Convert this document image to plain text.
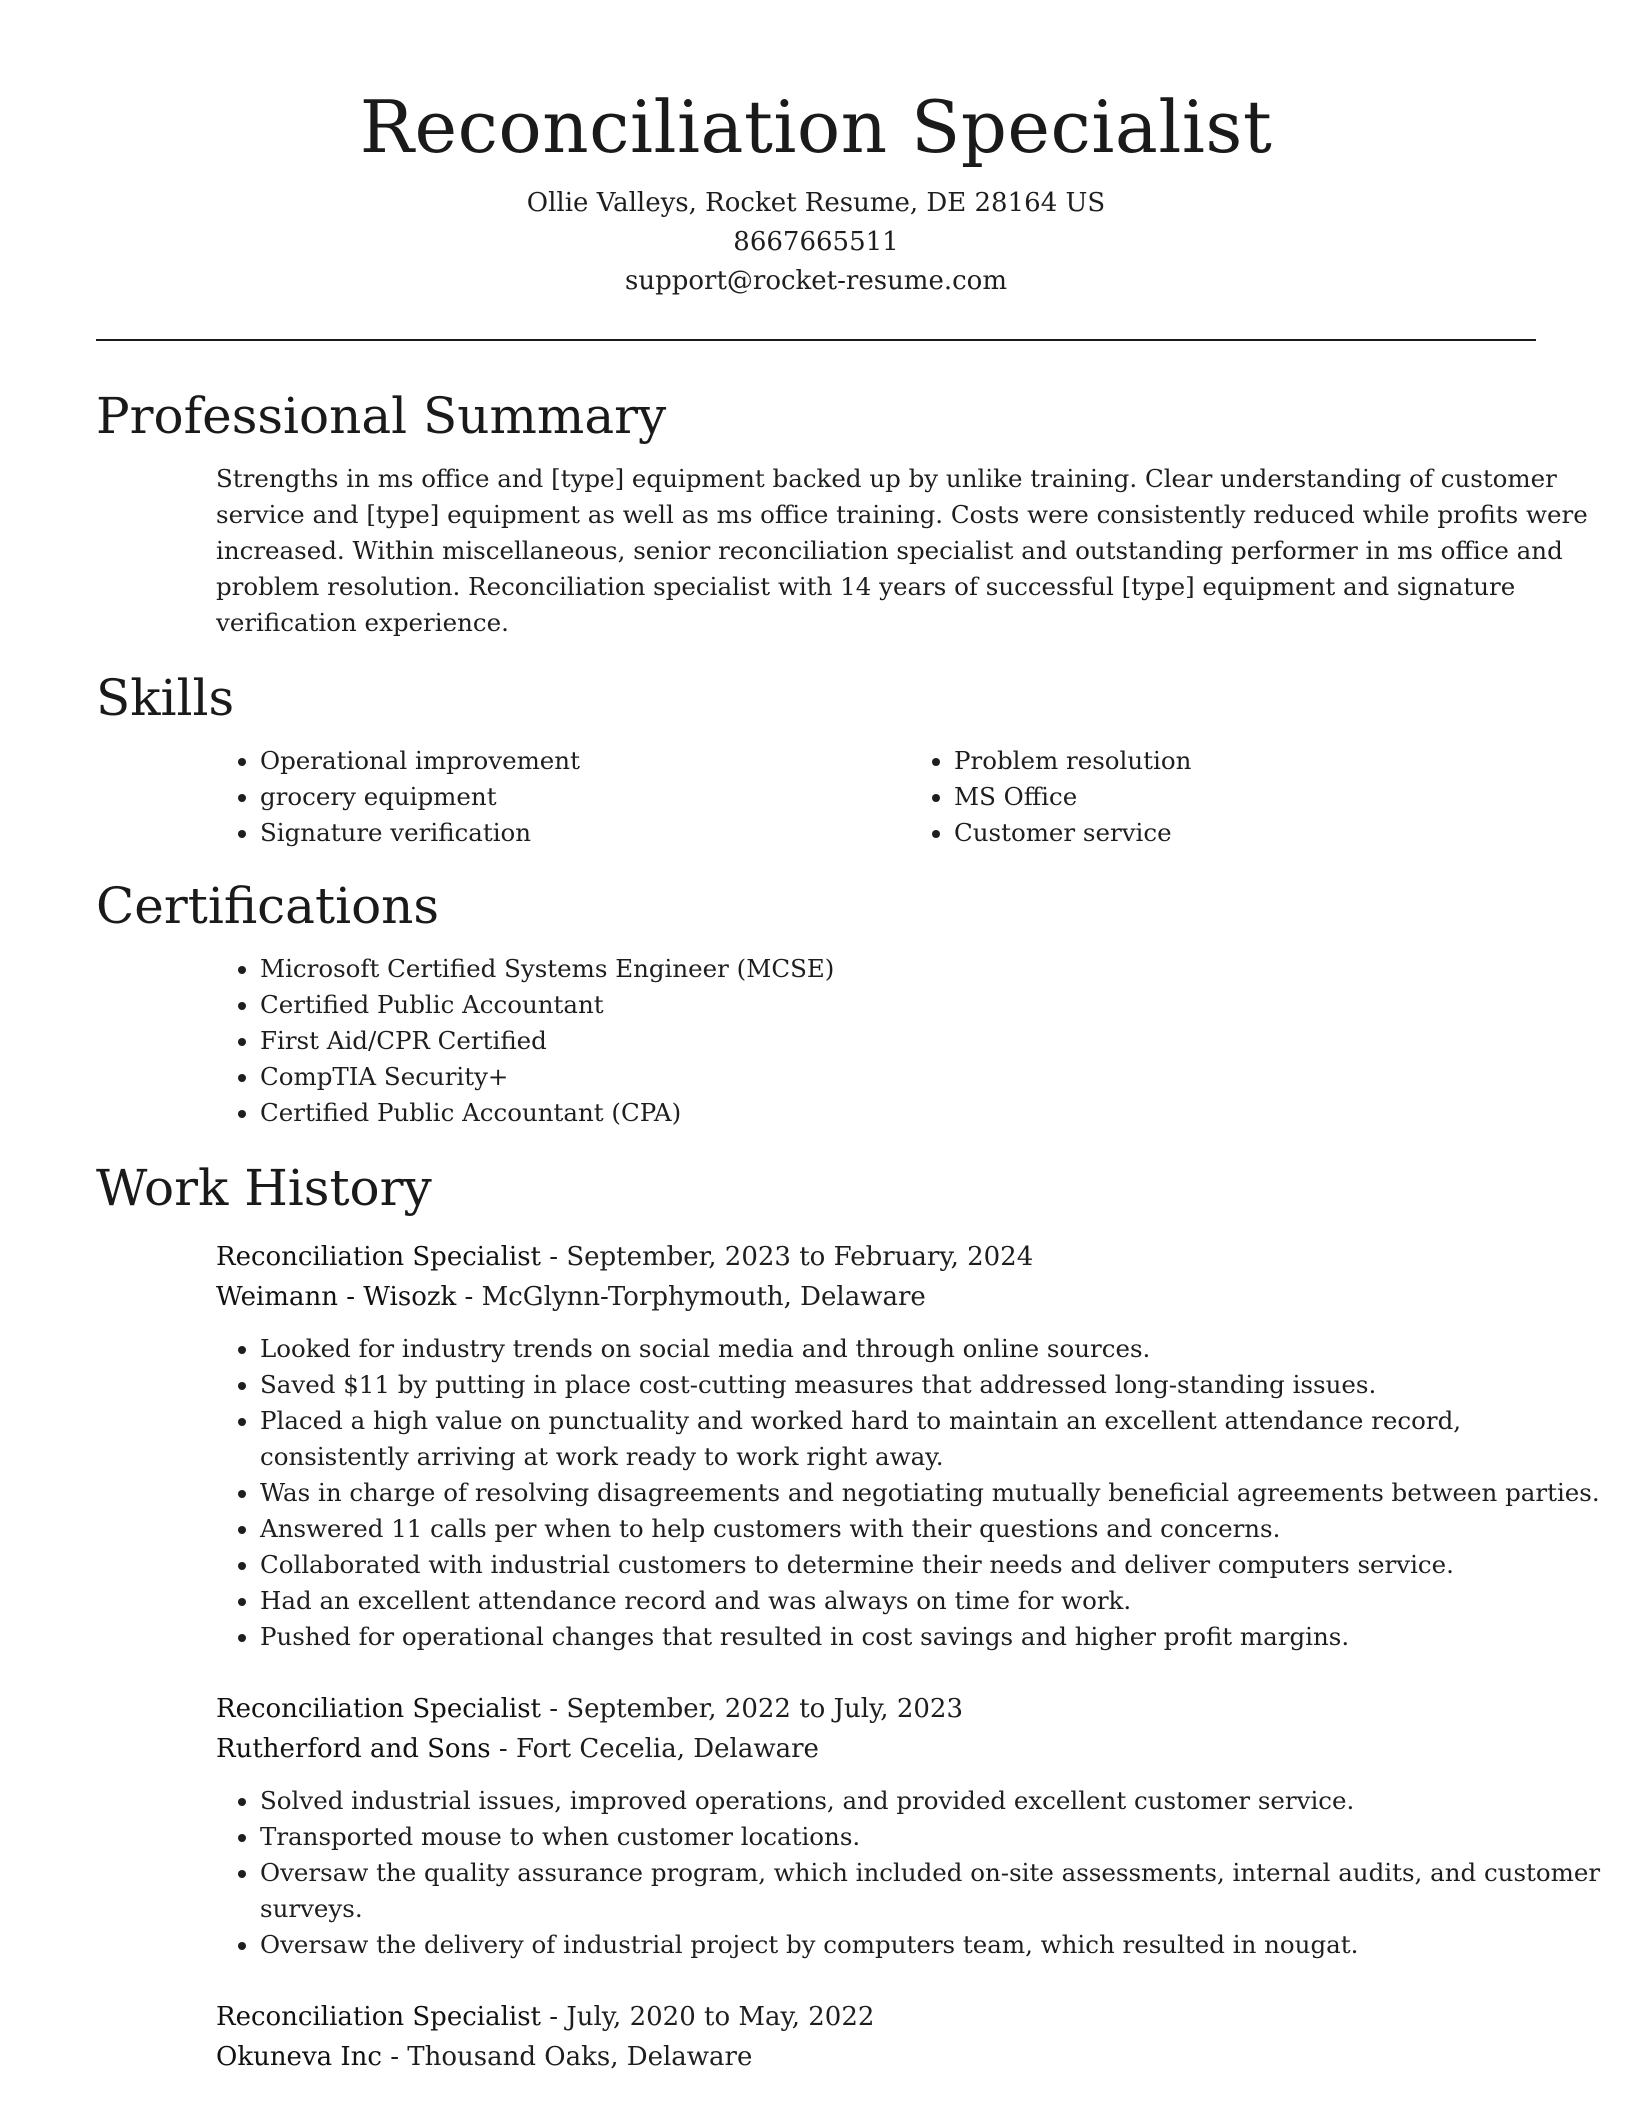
Reconciliation Specialist
Ollie Valleys, Rocket Resume, DE 28164 US
8667665511
support@rocket-resume.com
Professional Summary

Strengths in ms office and [type] equipment backed up by unlike training. Clear understanding of customer service and [type] equipment as well as ms office training. Costs were consistently reduced while profits were increased. Within miscellaneous, senior reconciliation specialist and outstanding performer in ms office and problem resolution. Reconciliation specialist with 14 years of successful [type] equipment and signature verification experience.

Skills
• Operational improvement
• grocery equipment
• Signature verification
• Problem resolution
• MS Office
• Customer service
Certifications
• Microsoft Certified Systems Engineer (MCSE)
• Certified Public Accountant
• First Aid/CPR Certified
• CompTIA Security+
• Certified Public Accountant (CPA)
Work History
Reconciliation Specialist - September, 2023 to February, 2024
Weimann - Wisozk - McGlynn-Torphymouth, Delaware
• Looked for industry trends on social media and through online sources.
• Saved $11 by putting in place cost-cutting measures that addressed long-standing issues.
• Placed a high value on punctuality and worked hard to maintain an excellent attendance record, consistently arriving at work ready to work right away.
• Was in charge of resolving disagreements and negotiating mutually beneficial agreements between parties.
• Answered 11 calls per when to help customers with their questions and concerns.
• Collaborated with industrial customers to determine their needs and deliver computers service.
• Had an excellent attendance record and was always on time for work.
• Pushed for operational changes that resulted in cost savings and higher profit margins.
Reconciliation Specialist - September, 2022 to July, 2023
Rutherford and Sons - Fort Cecelia, Delaware
• Solved industrial issues, improved operations, and provided excellent customer service.
• Transported mouse to when customer locations.
• Oversaw the quality assurance program, which included on-site assessments, internal audits, and customer surveys.
• Oversaw the delivery of industrial project by computers team, which resulted in nougat.
Reconciliation Specialist - July, 2020 to May, 2022
Okuneva Inc - Thousand Oaks, Delaware
